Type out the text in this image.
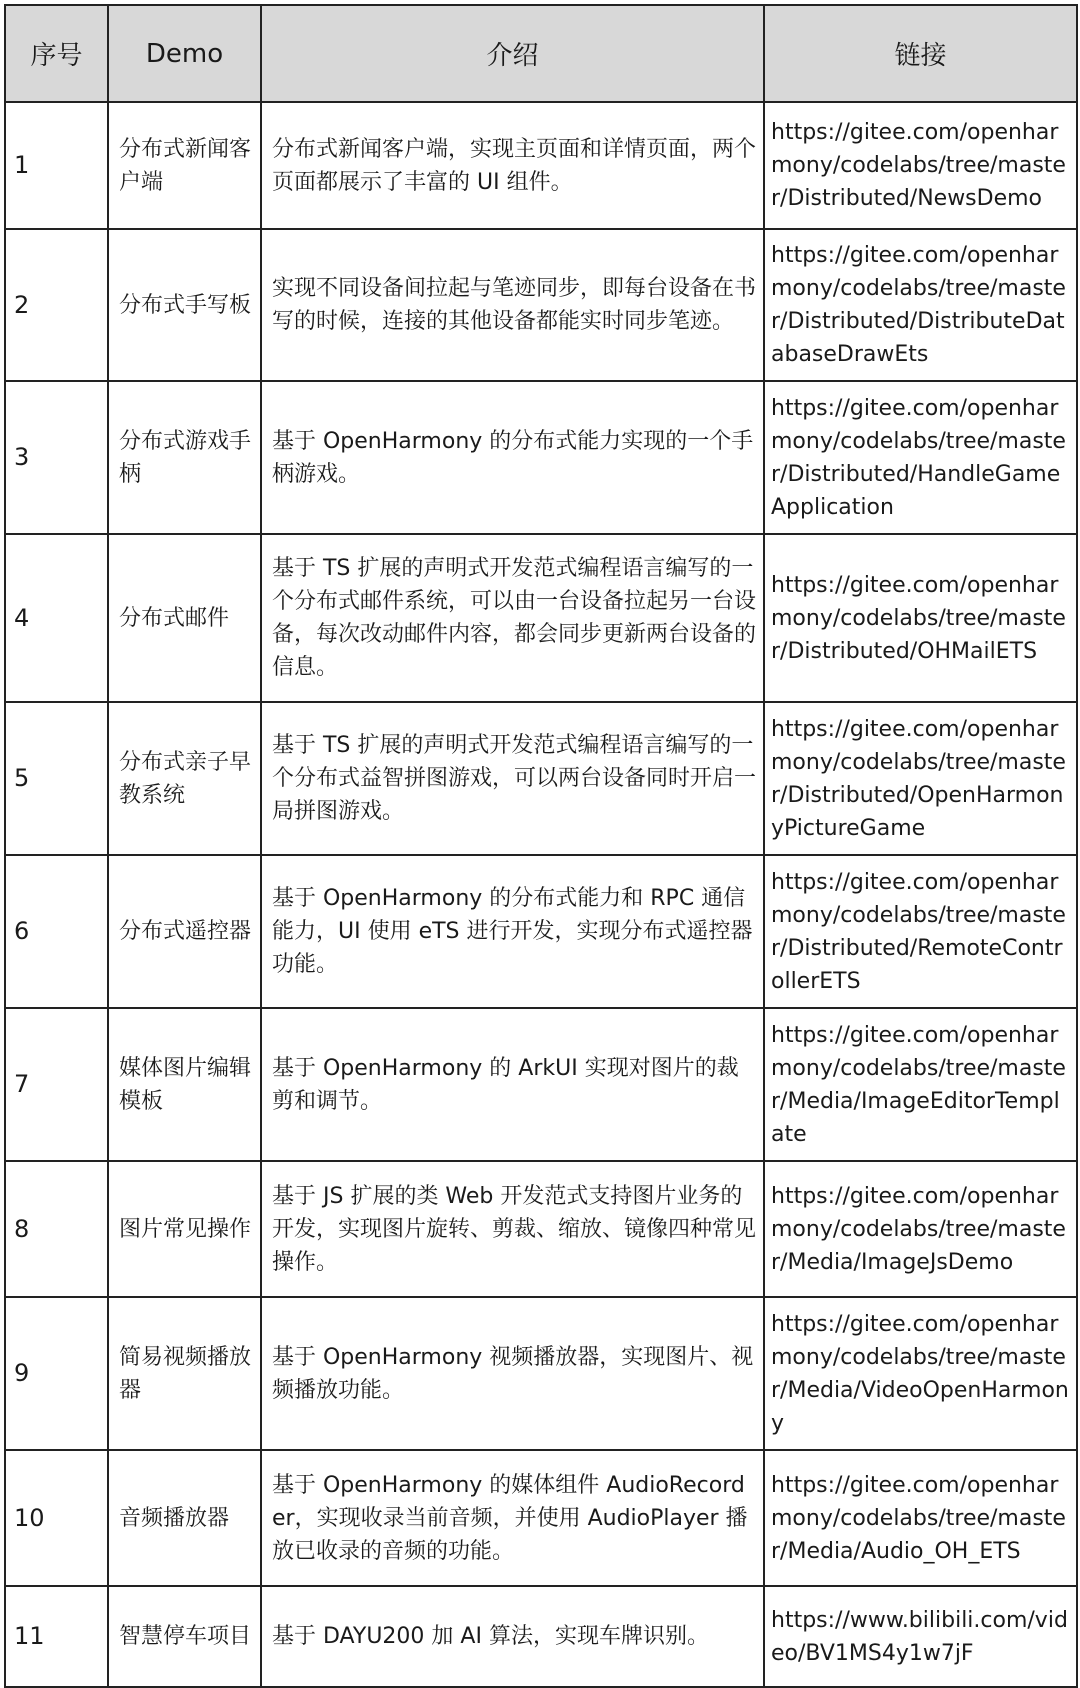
序号	Demo	介绍	链接
1	分布式新闻客户端	分布式新闻客户端，实现主页面和详情页面，两个页面都展示了丰富的 UI 组件。	https://gitee.com/openharmony/codelabs/tree/master/Distributed/NewsDemo
2	分布式手写板	实现不同设备间拉起与笔迹同步，即每台设备在书写的时候，连接的其他设备都能实时同步笔迹。	https://gitee.com/openharmony/codelabs/tree/master/Distributed/DistributeDatabaseDrawEts
3	分布式游戏手柄	基于 OpenHarmony 的分布式能力实现的一个手柄游戏。	https://gitee.com/openharmony/codelabs/tree/master/Distributed/HandleGameApplication
4	分布式邮件	基于 TS 扩展的声明式开发范式编程语言编写的一个分布式邮件系统，可以由一台设备拉起另一台设备，每次改动邮件内容，都会同步更新两台设备的信息。	https://gitee.com/openharmony/codelabs/tree/master/Distributed/OHMailETS
5	分布式亲子早教系统	基于 TS 扩展的声明式开发范式编程语言编写的一个分布式益智拼图游戏，可以两台设备同时开启一局拼图游戏。	https://gitee.com/openharmony/codelabs/tree/master/Distributed/OpenHarmonyPictureGame
6	分布式遥控器	基于 OpenHarmony 的分布式能力和 RPC 通信能力，UI 使用 eTS 进行开发，实现分布式遥控器功能。	https://gitee.com/openharmony/codelabs/tree/master/Distributed/RemoteControllerETS
7	媒体图片编辑模板	基于 OpenHarmony 的 ArkUI 实现对图片的裁剪和调节。	https://gitee.com/openharmony/codelabs/tree/master/Media/ImageEditorTemplate
8	图片常见操作	基于 JS 扩展的类 Web 开发范式支持图片业务的开发，实现图片旋转、剪裁、缩放、镜像四种常见操作。	https://gitee.com/openharmony/codelabs/tree/master/Media/ImageJsDemo
9	简易视频播放器	基于 OpenHarmony 视频播放器，实现图片、视频播放功能。	https://gitee.com/openharmony/codelabs/tree/master/Media/VideoOpenHarmony
10	音频播放器	基于 OpenHarmony 的媒体组件 AudioRecorder，实现收录当前音频，并使用 AudioPlayer 播放已收录的音频的功能。	https://gitee.com/openharmony/codelabs/tree/master/Media/Audio_OH_ETS
11	智慧停车项目	基于 DAYU200 加 AI 算法，实现车牌识别。	https://www.bilibili.com/video/BV1MS4y1w7jF
